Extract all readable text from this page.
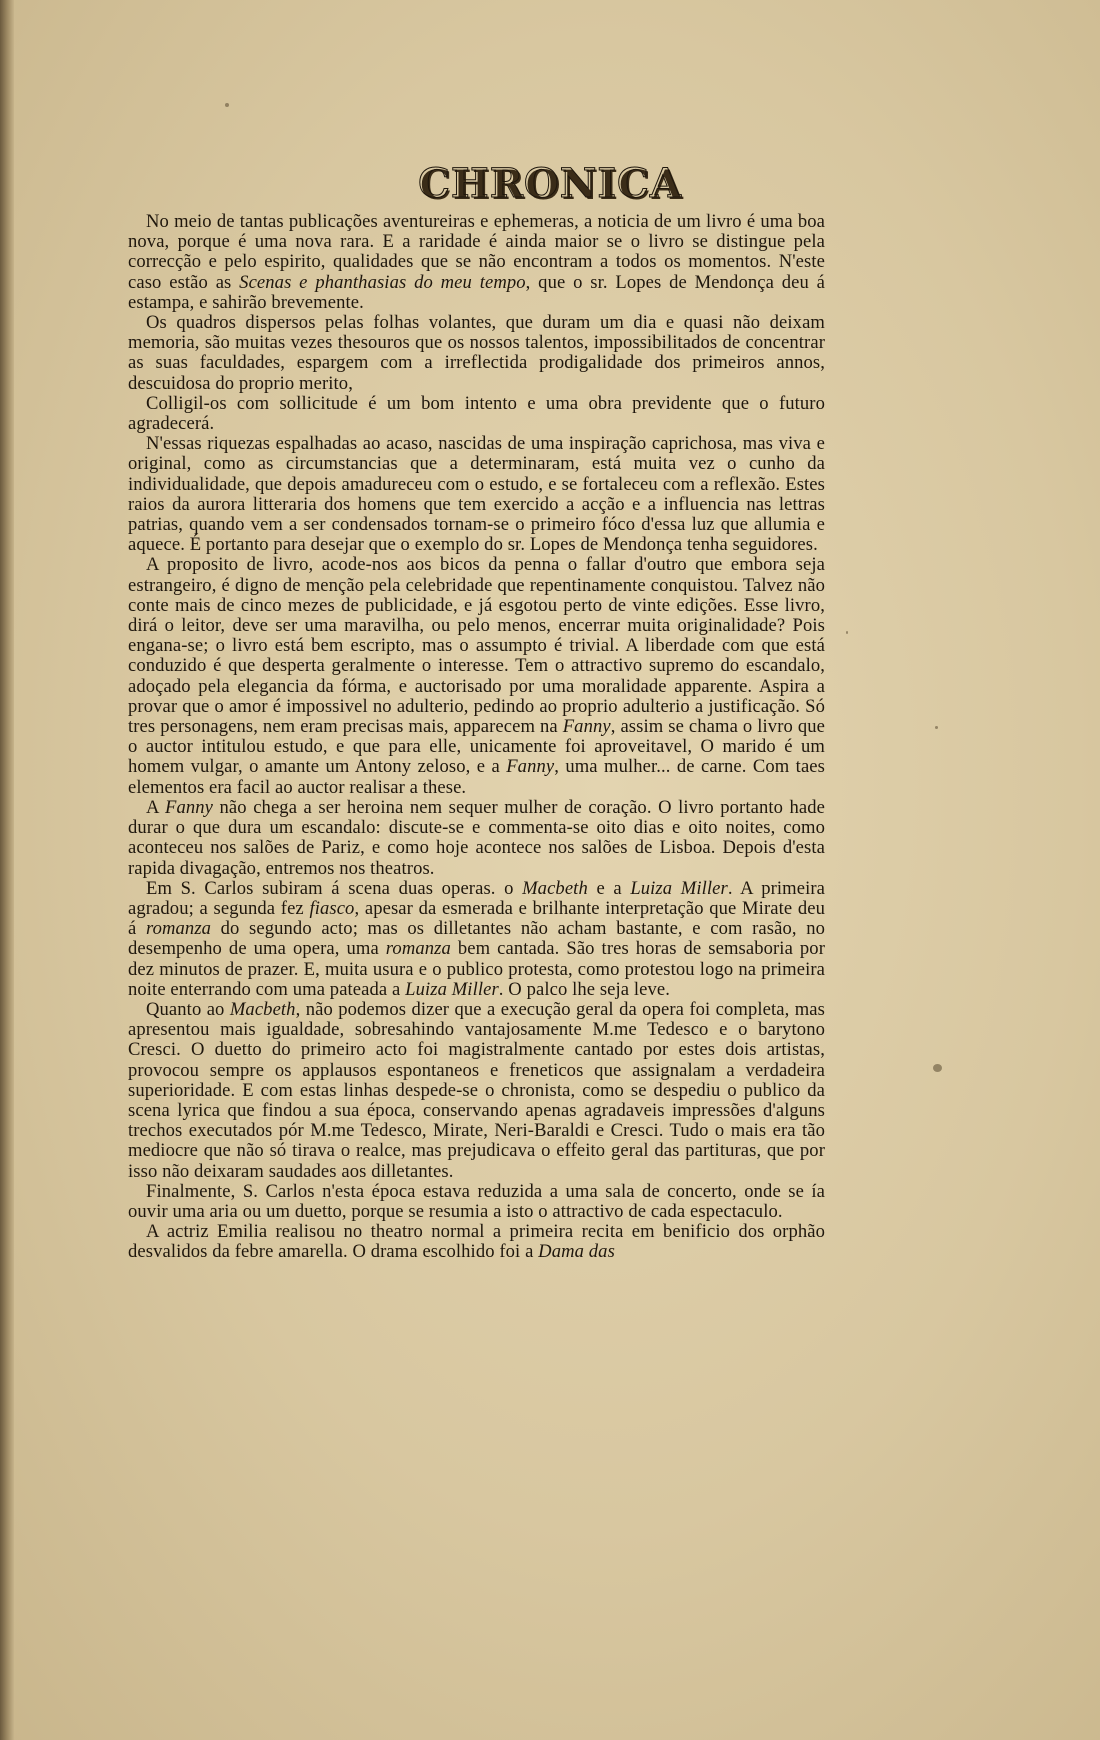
CHRONICA

No meio de tantas publicações aventureiras e ephemeras, a noticia de um livro é uma boa nova, porque é uma nova rara. E a raridade é ainda maior se o livro se distingue pela correcção e pelo espirito, qualidades que se não encontram a todos os momentos. N'este caso estão as Scenas e phanthasias do meu tempo, que o sr. Lopes de Mendonça deu á estampa, e sahirão brevemente.

Os quadros dispersos pelas folhas volantes, que duram um dia e quasi não deixam memoria, são muitas vezes thesouros que os nossos talentos, impossibilitados de concentrar as suas faculdades, espargem com a irreflectida prodigalidade dos primeiros annos, descuidosa do proprio merito,

Colligil-os com sollicitude é um bom intento e uma obra previdente que o futuro agradecerá.

N'essas riquezas espalhadas ao acaso, nascidas de uma inspiração caprichosa, mas viva e original, como as circumstancias que a determinaram, está muita vez o cunho da individualidade, que depois amadureceu com o estudo, e se fortaleceu com a reflexão. Estes raios da aurora litteraria dos homens que tem exercido a acção e a influencia nas lettras patrias, quando vem a ser condensados tornam-se o primeiro fóco d'essa luz que allumia e aquece. É portanto para desejar que o exemplo do sr. Lopes de Mendonça tenha seguidores.

A proposito de livro, acode-nos aos bicos da penna o fallar d'outro que embora seja estrangeiro, é digno de menção pela celebridade que repentinamente conquistou. Talvez não conte mais de cinco mezes de publicidade, e já esgotou perto de vinte edições. Esse livro, dirá o leitor, deve ser uma maravilha, ou pelo menos, encerrar muita originalidade? Pois engana-se; o livro está bem escripto, mas o assumpto é trivial. A liberdade com que está conduzido é que desperta geralmente o interesse. Tem o attractivo supremo do escandalo, adoçado pela elegancia da fórma, e auctorisado por uma moralidade apparente. Aspira a provar que o amor é impossivel no adulterio, pedindo ao proprio adulterio a justificação. Só tres personagens, nem eram precisas mais, apparecem na Fanny, assim se chama o livro que o auctor intitulou estudo, e que para elle, unicamente foi aproveitavel, O marido é um homem vulgar, o amante um Antony zeloso, e a Fanny, uma mulher... de carne. Com taes elementos era facil ao auctor realisar a these.

A Fanny não chega a ser heroina nem sequer mulher de coração. O livro portanto hade durar o que dura um escandalo: discute-se e commenta-se oito dias e oito noites, como aconteceu nos salões de Pariz, e como hoje acontece nos salões de Lisboa. Depois d'esta rapida divagação, entremos nos theatros.

Em S. Carlos subiram á scena duas operas. o Macbeth e a Luiza Miller. A primeira agradou; a segunda fez fiasco, apesar da esmerada e brilhante interpretação que Mirate deu á romanza do segundo acto; mas os dilletantes não acham bastante, e com rasão, no desempenho de uma opera, uma romanza bem cantada. São tres horas de semsaboria por dez minutos de prazer. E, muita usura e o publico protesta, como protestou logo na primeira noite enterrando com uma pateada a Luiza Miller. O palco lhe seja leve.

Quanto ao Macbeth, não podemos dizer que a execução geral da opera foi completa, mas apresentou mais igualdade, sobresahindo vantajosamente M.me Tedesco e o barytono Cresci. O duetto do primeiro acto foi magistralmente cantado por estes dois artistas, provocou sempre os applausos espontaneos e freneticos que assignalam a verdadeira superioridade. E com estas linhas despede-se o chronista, como se despediu o publico da scena lyrica que findou a sua época, conservando apenas agradaveis impressões d'alguns trechos executados pór M.me Tedesco, Mirate, Neri-Baraldi e Cresci. Tudo o mais era tão mediocre que não só tirava o realce, mas prejudicava o effeito geral das partituras, que por isso não deixaram saudades aos dilletantes.

Finalmente, S. Carlos n'esta época estava reduzida a uma sala de concerto, onde se ía ouvir uma aria ou um duetto, porque se resumia a isto o attractivo de cada espectaculo.

A actriz Emilia realisou no theatro normal a primeira recita em benificio dos orphão desvalidos da febre amarella. O drama escolhido foi a Dama das
